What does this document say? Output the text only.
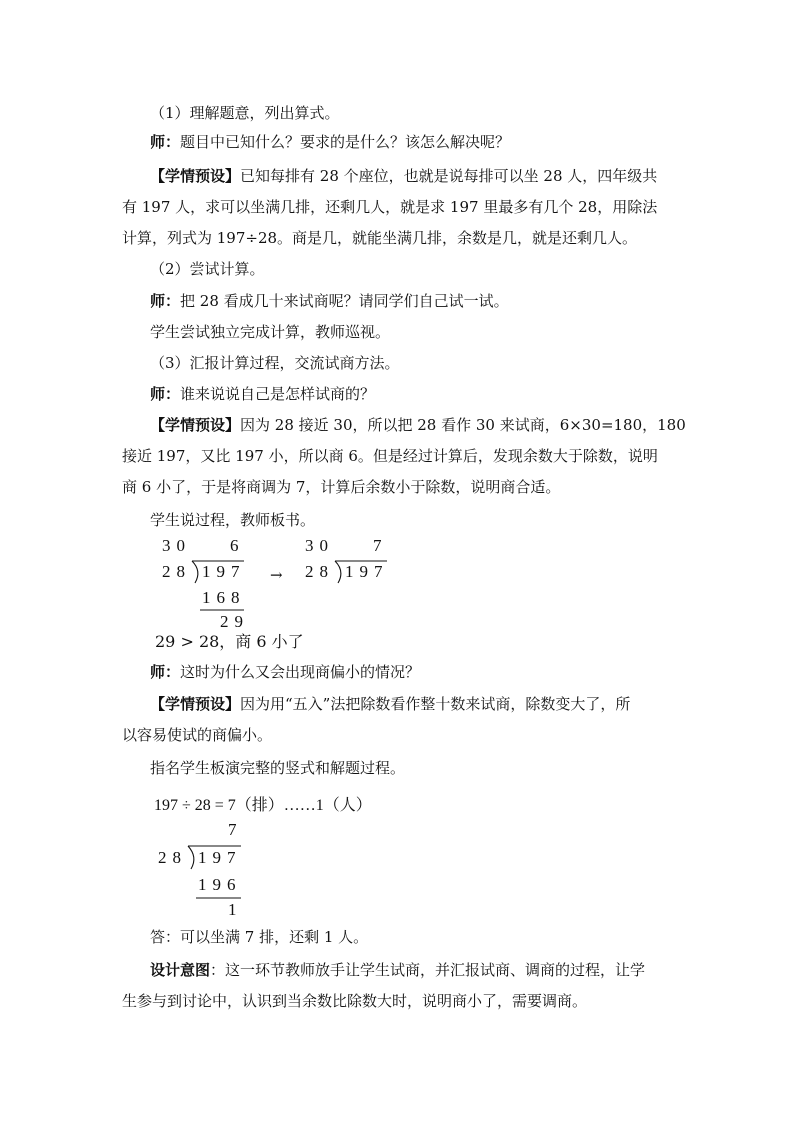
（1）理解题意，列出算式。
师：题目中已知什么？要求的是什么？该怎么解决呢？
【学情预设】已知每排有 28 个座位，也就是说每排可以坐 28 人，四年级共
有 197 人，求可以坐满几排，还剩几人，就是求 197 里最多有几个 28，用除法
计算，列式为 197÷28。商是几，就能坐满几排，余数是几，就是还剩几人。
（2）尝试计算。
师：把 28 看成几十来试商呢？请同学们自己试一试。
学生尝试独立完成计算，教师巡视。
（3）汇报计算过程，交流试商方法。
师：谁来说说自己是怎样试商的？
【学情预设】因为 28 接近 30，所以把 28 看作 30 来试商，6×30=180，180
接近 197，又比 197 小，所以商 6。但是经过计算后，发现余数大于除数，说明
商 6 小了，于是将商调为 7，计算后余数小于除数，说明商合适。
学生说过程，教师板书。
30 6
28 197
168
29
→
30 7
28 197
29 > 28，商 6 小了
师：这时为什么又会出现商偏小的情况？
【学情预设】因为用“五入”法把除数看作整十数来试商，除数变大了，所
以容易使试的商偏小。
指名学生板演完整的竖式和解题过程。
197 ÷ 28 = 7（排）……1（人）
7
28 197
196
1
答：可以坐满 7 排，还剩 1 人。
设计意图：这一环节教师放手让学生试商，并汇报试商、调商的过程，让学
生参与到讨论中，认识到当余数比除数大时，说明商小了，需要调商。
